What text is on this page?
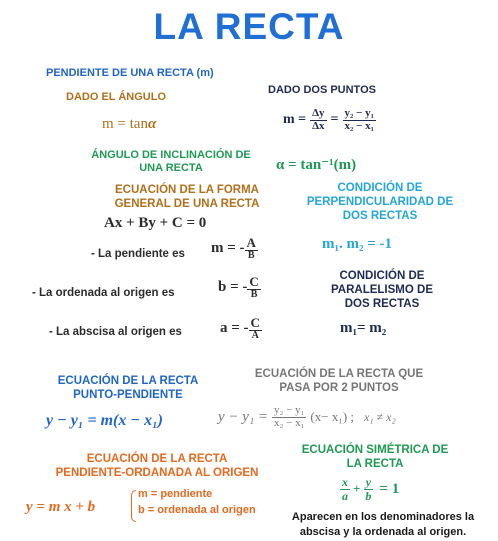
LA RECTA
PENDIENTE DE UNA RECTA (m)
DADO EL ÁNGULO
m = tanα
DADO DOS PUNTOS
$m = \frac{\Delta y}{\Delta x} = \frac{\text{y₂ − y₁}}{\text{x₂ − x₁}}$
ÁNGULO DE INCLINACIÓN DE
UNA RECTA	α = tan⁻¹(m)
ECUACIÓN DE LA FORMA
GENERAL DE UNA RECTA
Ax + By + C = 0
- La pendiente es m = - $\frac{A}{B}$
- La ordenada al origen es	b = - $\frac{C}{B}$
- La abscisa al origen es	a = - $\frac{C}{A}$
CONDICIÓN DE
PERPENDICULARIDAD DE
DOS RECTAS
m₁. m₂ = -1
CONDICIÓN DE
PARALELISMO DE
DOS RECTAS
m₁= m₂
ECUACIÓN DE LA RECTA
PUNTO-PENDIENTE
y − y₁ = m(x − x₁)
ECUACIÓN DE LA RECTA QUE
PASA POR 2 PUNTOS
$y - y_1 = \frac{\text{y₂ − y₁}}{\text{x₂ − x₁}} (x- x_1)$ ; x₁ ≠ x₂
ECUACIÓN DE LA RECTA
PENDIENTE-ORDANADA AL ORIGEN
y = m x + b
m = pendiente
b = ordenada al origen
ECUACIÓN SIMÉTRICA DE
LA RECTA
$\frac{x}{a} + \frac{y}{b} = 1$
Aparecen en los denominadores la
abscisa y la ordenada al origen.
